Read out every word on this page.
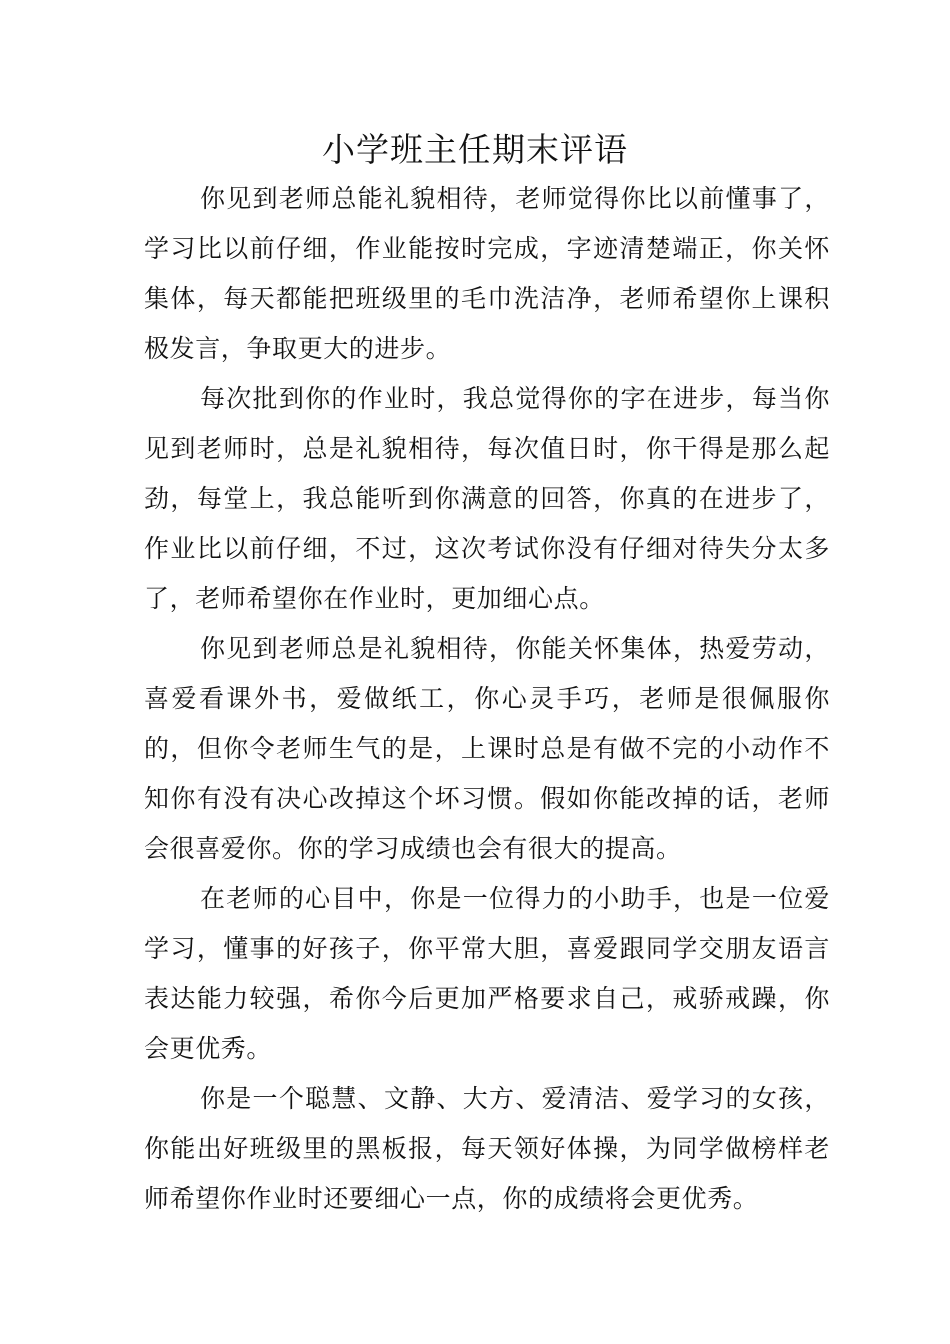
小学班主任期末评语

你见到老师总能礼貌相待，老师觉得你比以前懂事了，学习比以前仔细，作业能按时完成，字迹清楚端正，你关怀集体，每天都能把班级里的毛巾洗洁净，老师希望你上课积极发言，争取更大的进步。

每次批到你的作业时，我总觉得你的字在进步，每当你见到老师时，总是礼貌相待，每次值日时，你干得是那么起劲，每堂上，我总能听到你满意的回答，你真的在进步了，作业比以前仔细，不过，这次考试你没有仔细对待失分太多了，老师希望你在作业时，更加细心点。

你见到老师总是礼貌相待，你能关怀集体，热爱劳动，喜爱看课外书，爱做纸工，你心灵手巧，老师是很佩服你的，但你令老师生气的是，上课时总是有做不完的小动作不知你有没有决心改掉这个坏习惯。假如你能改掉的话，老师会很喜爱你。你的学习成绩也会有很大的提高。

在老师的心目中，你是一位得力的小助手，也是一位爱学习，懂事的好孩子，你平常大胆，喜爱跟同学交朋友语言表达能力较强，希你今后更加严格要求自己，戒骄戒躁，你会更优秀。

你是一个聪慧、文静、大方、爱清洁、爱学习的女孩，你能出好班级里的黑板报，每天领好体操，为同学做榜样老师希望你作业时还要细心一点，你的成绩将会更优秀。
